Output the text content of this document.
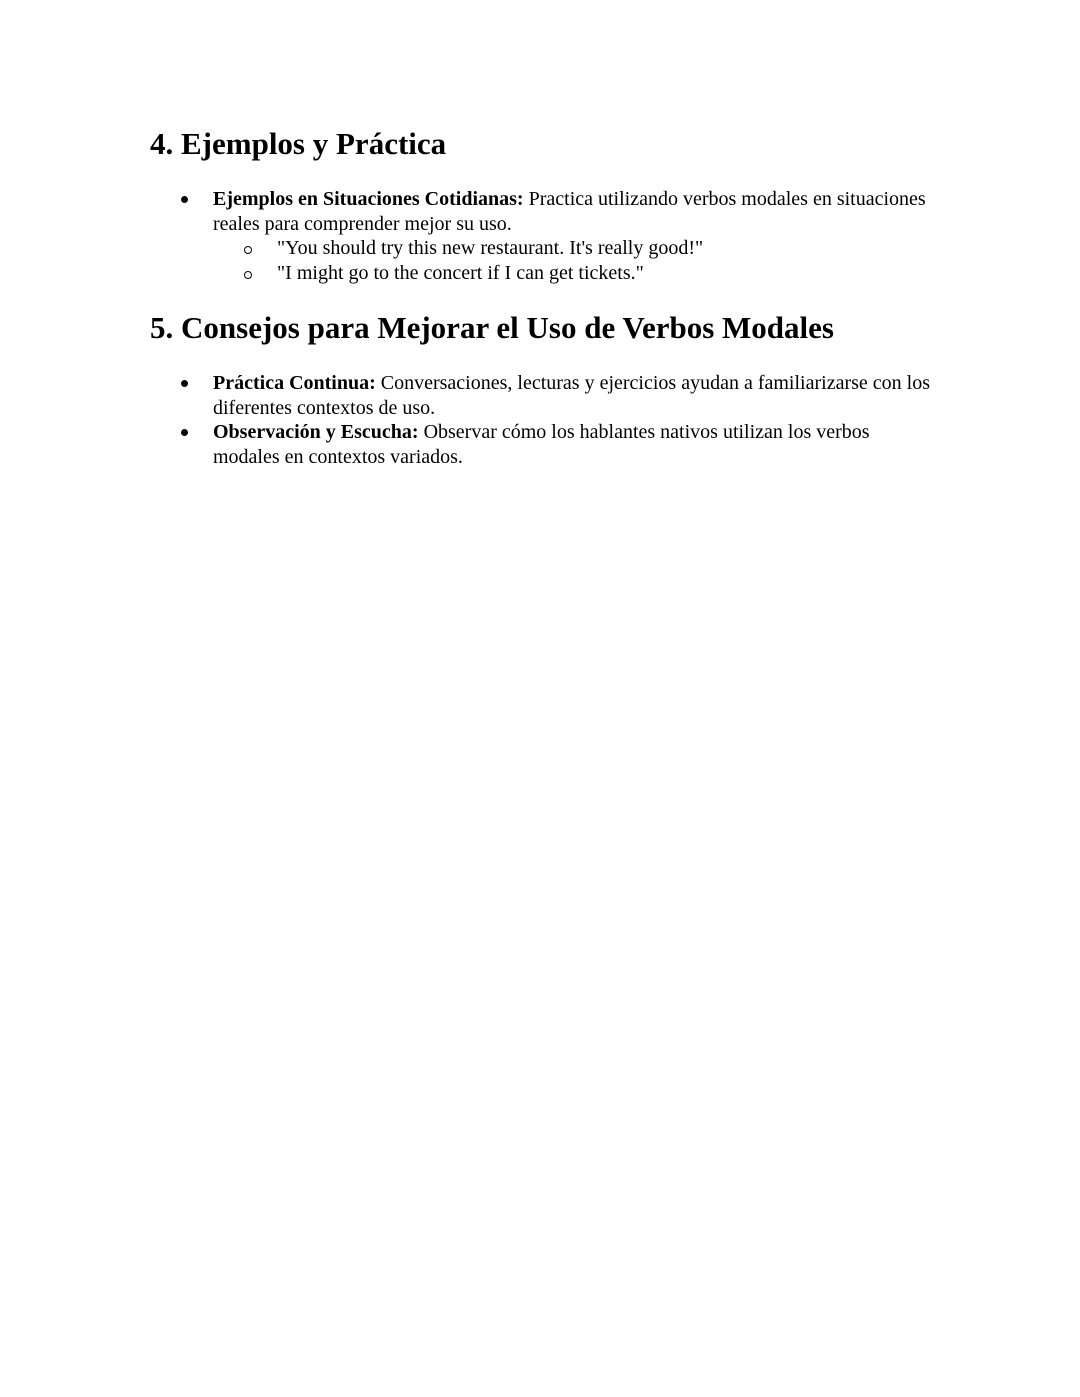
4. Ejemplos y Práctica
Ejemplos en Situaciones Cotidianas: Practica utilizando verbos modales en situaciones reales para comprender mejor su uso.
"You should try this new restaurant. It's really good!"
"I might go to the concert if I can get tickets."
5. Consejos para Mejorar el Uso de Verbos Modales
Práctica Continua: Conversaciones, lecturas y ejercicios ayudan a familiarizarse con los diferentes contextos de uso.
Observación y Escucha: Observar cómo los hablantes nativos utilizan los verbos modales en contextos variados.
